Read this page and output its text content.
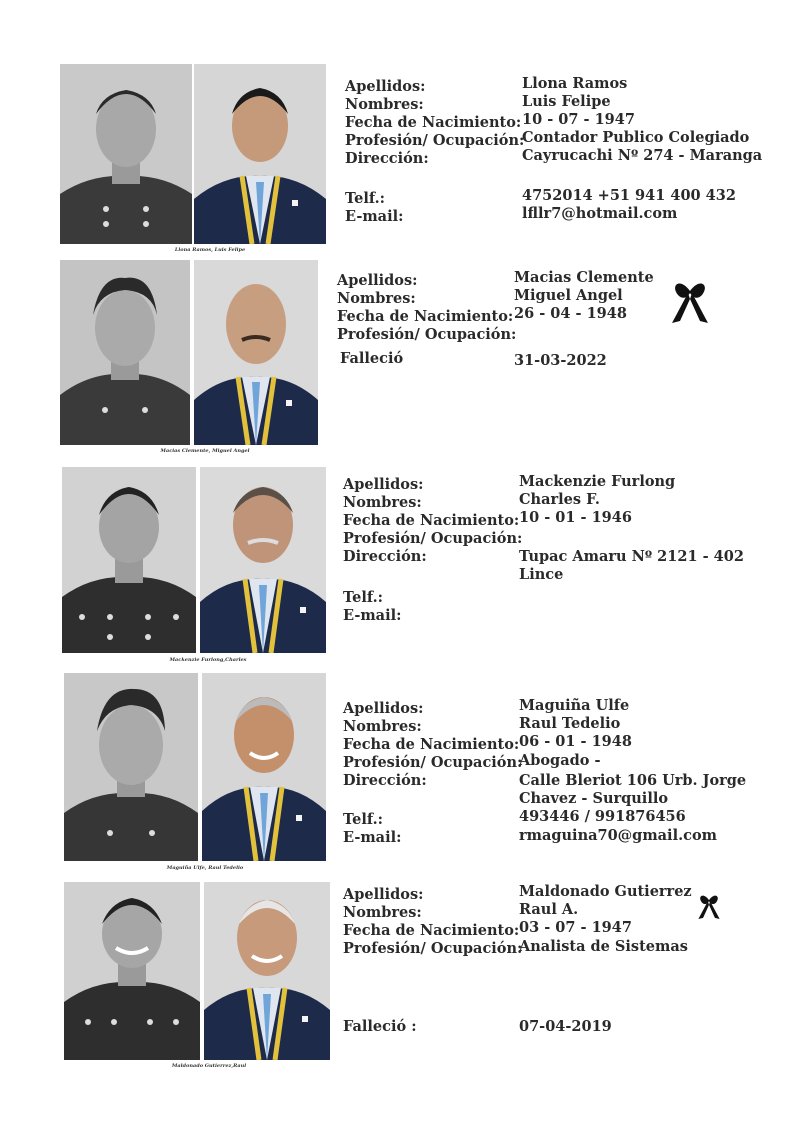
Llona Ramos, Luis Felipe
Apellidos:
Nombres:
Fecha de Nacimiento:
Profesión/ Ocupación:
Dirección:
Telf.:
E-mail:
Llona Ramos
Luis Felipe
10 - 07 - 1947
Contador Publico Colegiado
Cayrucachi Nº 274 - Maranga
4752014 +51 941 400 432
lfllr7@hotmail.com
Macias Clemente, Miguel Angel
Apellidos:
Nombres:
Fecha de Nacimiento:
Profesión/ Ocupación:
Falleció
Macias Clemente
Miguel Angel
26 - 04 - 1948
31-03-2022
Mackenzie Furlong,Charles
Apellidos:
Nombres:
Fecha de Nacimiento:
Profesión/ Ocupación:
Dirección:
Telf.:
E-mail:
Mackenzie Furlong
Charles F.
10 - 01 - 1946
Tupac Amaru Nº 2121 - 402
Lince
Maguiña Ulfe, Raul Tedelio
Apellidos:
Nombres:
Fecha de Nacimiento:
Profesión/ Ocupación:
Dirección:
Telf.:
E-mail:
Maguiña Ulfe
Raul Tedelio
06 - 01 - 1948
Abogado -
Calle Bleriot 106 Urb. Jorge
Chavez - Surquillo
493446 / 991876456
rmaguina70@gmail.com
Maldonado Gutierrez,Raul
Apellidos:
Nombres:
Fecha de Nacimiento:
Profesión/ Ocupación:
Falleció :
Maldonado Gutierrez
Raul A.
03 - 07 - 1947
Analista de Sistemas
07-04-2019
